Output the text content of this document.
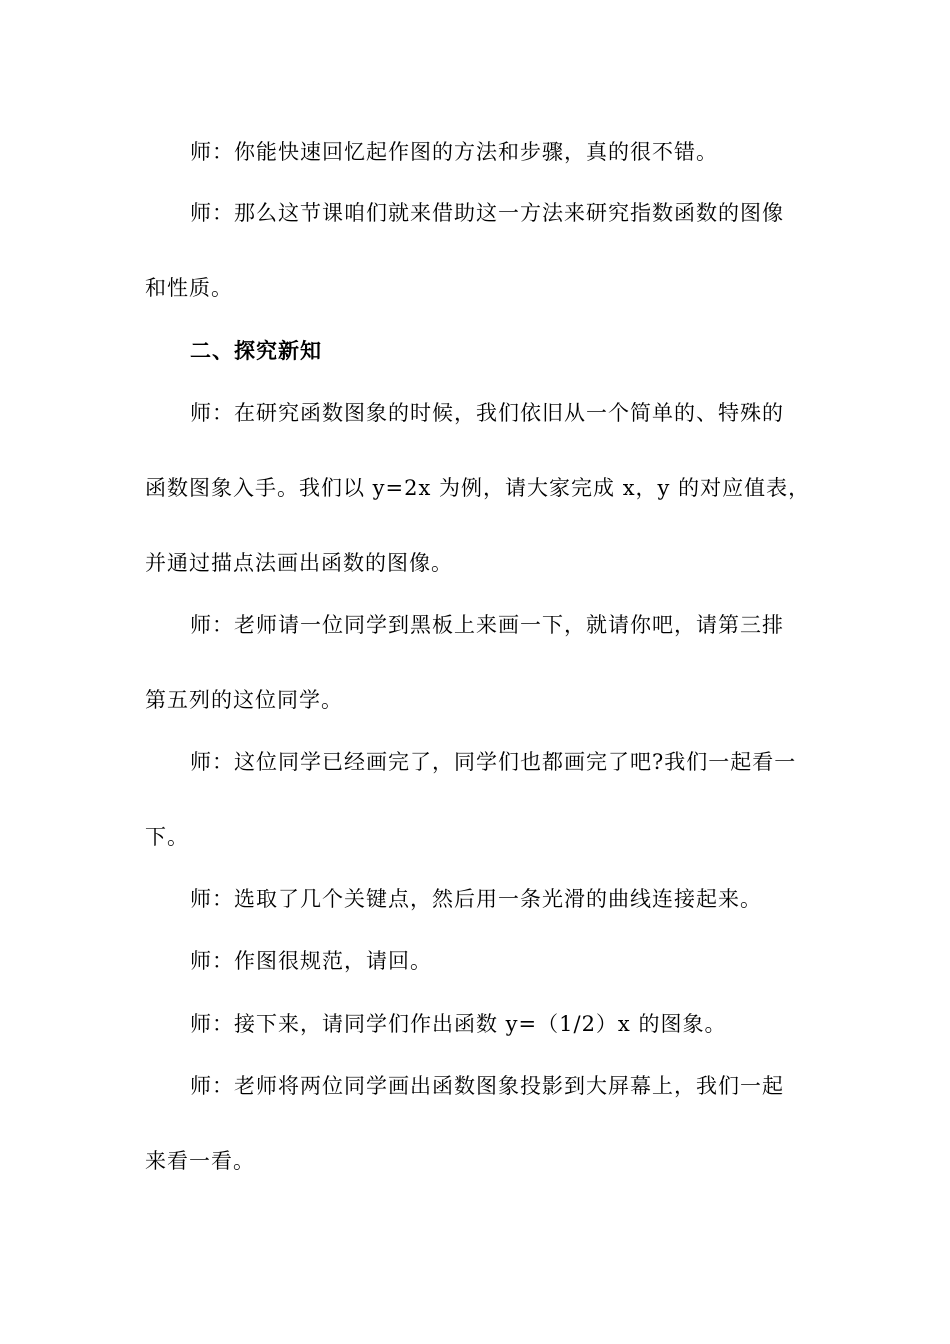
师：你能快速回忆起作图的方法和步骤，真的很不错。
师：那么这节课咱们就来借助这一方法来研究指数函数的图像
和性质。
二、探究新知
师：在研究函数图象的时候，我们依旧从一个简单的、特殊的
函数图象入手。我们以 y=2x 为例，请大家完成 x，y 的对应值表，
并通过描点法画出函数的图像。
师：老师请一位同学到黑板上来画一下，就请你吧，请第三排
第五列的这位同学。
师：这位同学已经画完了，同学们也都画完了吧?我们一起看一
下。
师：选取了几个关键点，然后用一条光滑的曲线连接起来。
师：作图很规范，请回。
师：接下来，请同学们作出函数 y=（1/2）x 的图象。
师：老师将两位同学画出函数图象投影到大屏幕上，我们一起
来看一看。
